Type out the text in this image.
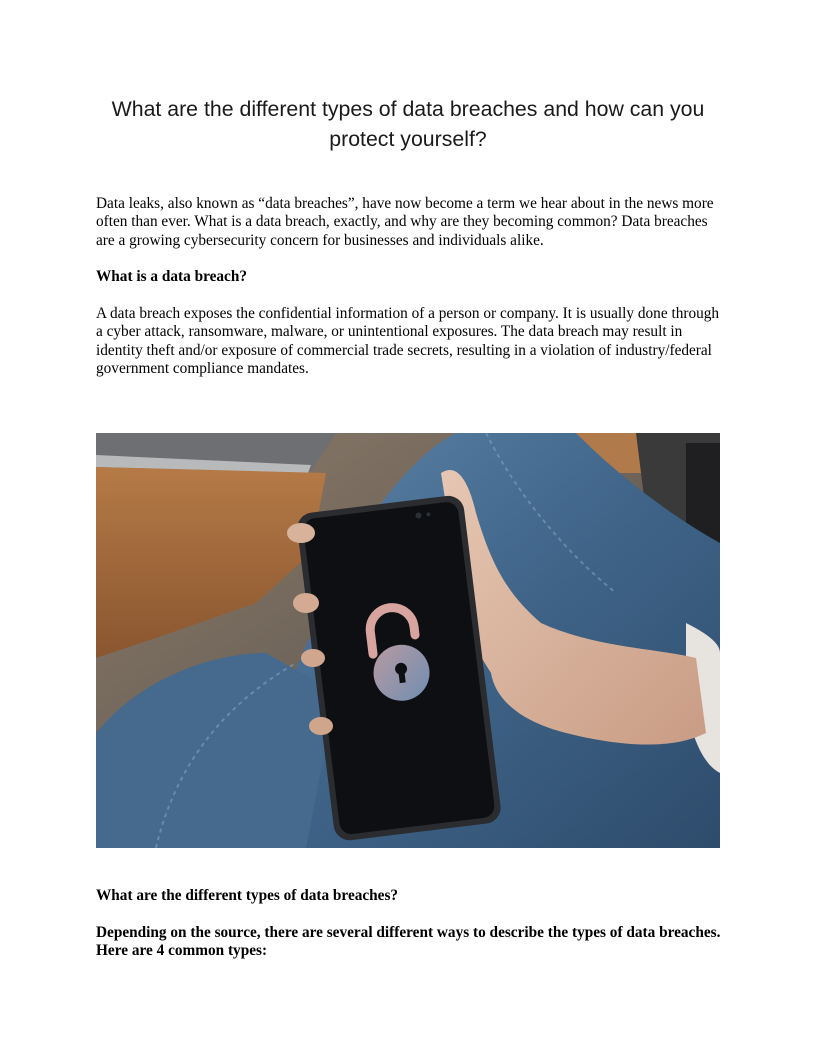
What are the different types of data breaches and how can you protect yourself?

Data leaks, also known as “data breaches”, have now become a term we hear about in the news more often than ever. What is a data breach, exactly, and why are they becoming common? Data breaches are a growing cybersecurity concern for businesses and individuals alike.

What is a data breach?

A data breach exposes the confidential information of a person or company. It is usually done through a cyber attack, ransomware, malware, or unintentional exposures. The data breach may result in identity theft and/or exposure of commercial trade secrets, resulting in a violation of industry/federal government compliance mandates.

What are the different types of data breaches?

Depending on the source, there are several different ways to describe the types of data breaches. Here are 4 common types:
